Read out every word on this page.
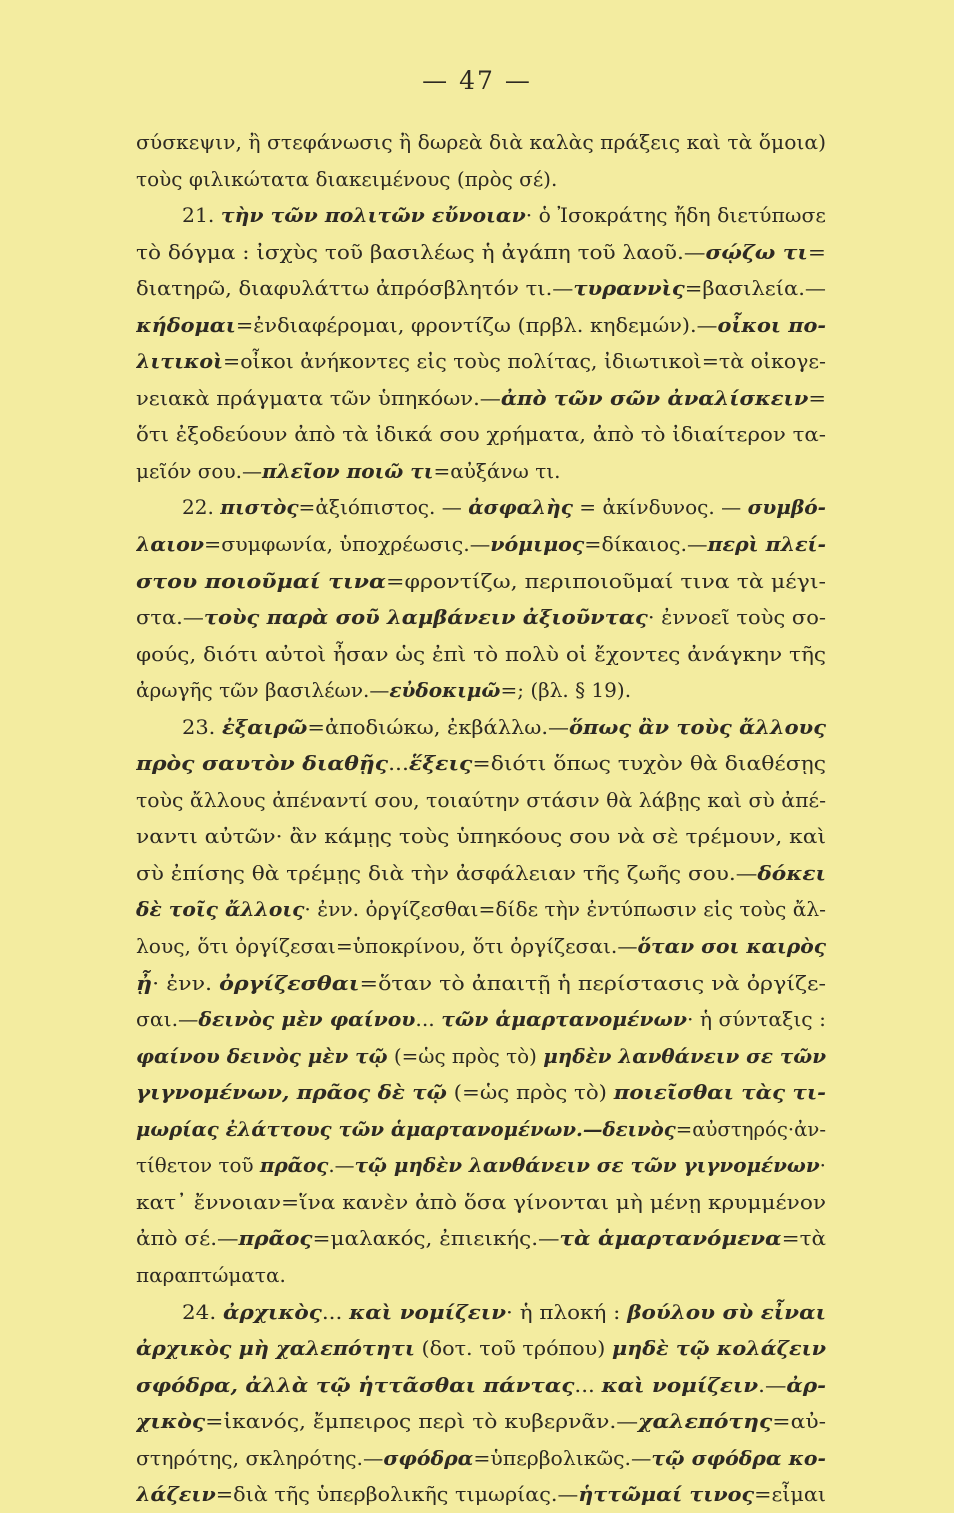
— 47 —
σύσκεψιν, ἢ στεφάνωσις ἢ δωρεὰ διὰ καλὰς πράξεις καὶ τὰ ὅμοια)
τοὺς φιλικώτατα διακειμένους (πρὸς σέ).
21. τὴν τῶν πολιτῶν εὔνοιαν· ὁ Ἰσοκράτης ἤδη διετύπωσε
τὸ δόγμα : ἰσχὺς τοῦ βασιλέως ἡ ἀγάπη τοῦ λαοῦ.—σῴζω τι=
διατηρῶ, διαφυλάττω ἀπρόσβλητόν τι.—τυραννὶς=βασιλεία.—
κήδομαι=ἐνδιαφέρομαι, φροντίζω (πρβλ. κηδεμών).—οἶκοι πο-
λιτικοὶ=οἶκοι ἀνήκοντες εἰς τοὺς πολίτας, ἰδιωτικοὶ=τὰ οἰκογε-
νειακὰ πράγματα τῶν ὑπηκόων.—ἀπὸ τῶν σῶν ἀναλίσκειν=
ὅτι ἐξοδεύουν ἀπὸ τὰ ἰδικά σου χρήματα, ἀπὸ τὸ ἰδιαίτερον τα-
μεῖόν σου.—πλεῖον ποιῶ τι=αὐξάνω τι.
22. πιστὸς=ἀξιόπιστος. — ἀσφαλὴς = ἀκίνδυνος. — συμβό-
λαιον=συμφωνία, ὑποχρέωσις.—νόμιμος=δίκαιος.—περὶ πλεί-
στου ποιοῦμαί τινα=φροντίζω, περιποιοῦμαί τινα τὰ μέγι-
στα.—τοὺς παρὰ σοῦ λαμβάνειν ἀξιοῦντας· ἐννοεῖ τοὺς σο-
φούς, διότι αὐτοὶ ἦσαν ὡς ἐπὶ τὸ πολὺ οἱ ἔχοντες ἀνάγκην τῆς
ἀρωγῆς τῶν βασιλέων.—εὐδοκιμῶ=; (βλ. § 19).
23. ἐξαιρῶ=ἀποδιώκω, ἐκβάλλω.—ὅπως ἂν τοὺς ἄλλους
πρὸς σαυτὸν διαθῇς...ἕξεις=διότι ὅπως τυχὸν θὰ διαθέσῃς
τοὺς ἄλλους ἀπέναντί σου, τοιαύτην στάσιν θὰ λάβῃς καὶ σὺ ἀπέ-
ναντι αὐτῶν· ἂν κάμῃς τοὺς ὑπηκόους σου νὰ σὲ τρέμουν, καὶ
σὺ ἐπίσης θὰ τρέμῃς διὰ τὴν ἀσφάλειαν τῆς ζωῆς σου.—δόκει
δὲ τοῖς ἄλλοις· ἐνν. ὀργίζεσθαι=δίδε τὴν ἐντύπωσιν εἰς τοὺς ἄλ-
λους, ὅτι ὀργίζεσαι=ὑποκρίνου, ὅτι ὀργίζεσαι.—ὅταν σοι καιρὸς
ᾖ· ἐνν. ὀργίζεσθαι=ὅταν τὸ ἀπαιτῇ ἡ περίστασις νὰ ὀργίζε-
σαι.—δεινὸς μὲν φαίνου... τῶν ἁμαρτανομένων· ἡ σύνταξις :
φαίνου δεινὸς μὲν τῷ (=ὡς πρὸς τὸ) μηδὲν λανθάνειν σε τῶν
γιγνομένων, πρᾶος δὲ τῷ (=ὡς πρὸς τὸ) ποιεῖσθαι τὰς τι-
μωρίας ἐλάττους τῶν ἁμαρτανομένων.—δεινὸς=αὐστηρός·ἀν-
τίθετον τοῦ πρᾶος.—τῷ μηδὲν λανθάνειν σε τῶν γιγνομένων·
κατ᾽ ἔννοιαν=ἵνα κανὲν ἀπὸ ὅσα γίνονται μὴ μένῃ κρυμμένον
ἀπὸ σέ.—πρᾶος=μαλακός, ἐπιεικής.—τὰ ἁμαρτανόμενα=τὰ
παραπτώματα.
24. ἀρχικὸς... καὶ νομίζειν· ἡ πλοκή : βούλου σὺ εἶναι
ἀρχικὸς μὴ χαλεπότητι (δοτ. τοῦ τρόπου) μηδὲ τῷ κολάζειν
σφόδρα, ἀλλὰ τῷ ἡττᾶσθαι πάντας... καὶ νομίζειν.—ἀρ-
χικὸς=ἱκανός, ἔμπειρος περὶ τὸ κυβερνᾶν.—χαλεπότης=αὐ-
στηρότης, σκληρότης.—σφόδρα=ὑπερβολικῶς.—τῷ σφόδρα κο-
λάζειν=διὰ τῆς ὑπερβολικῆς τιμωρίας.—ἡττῶμαί τινος=εἶμαι
